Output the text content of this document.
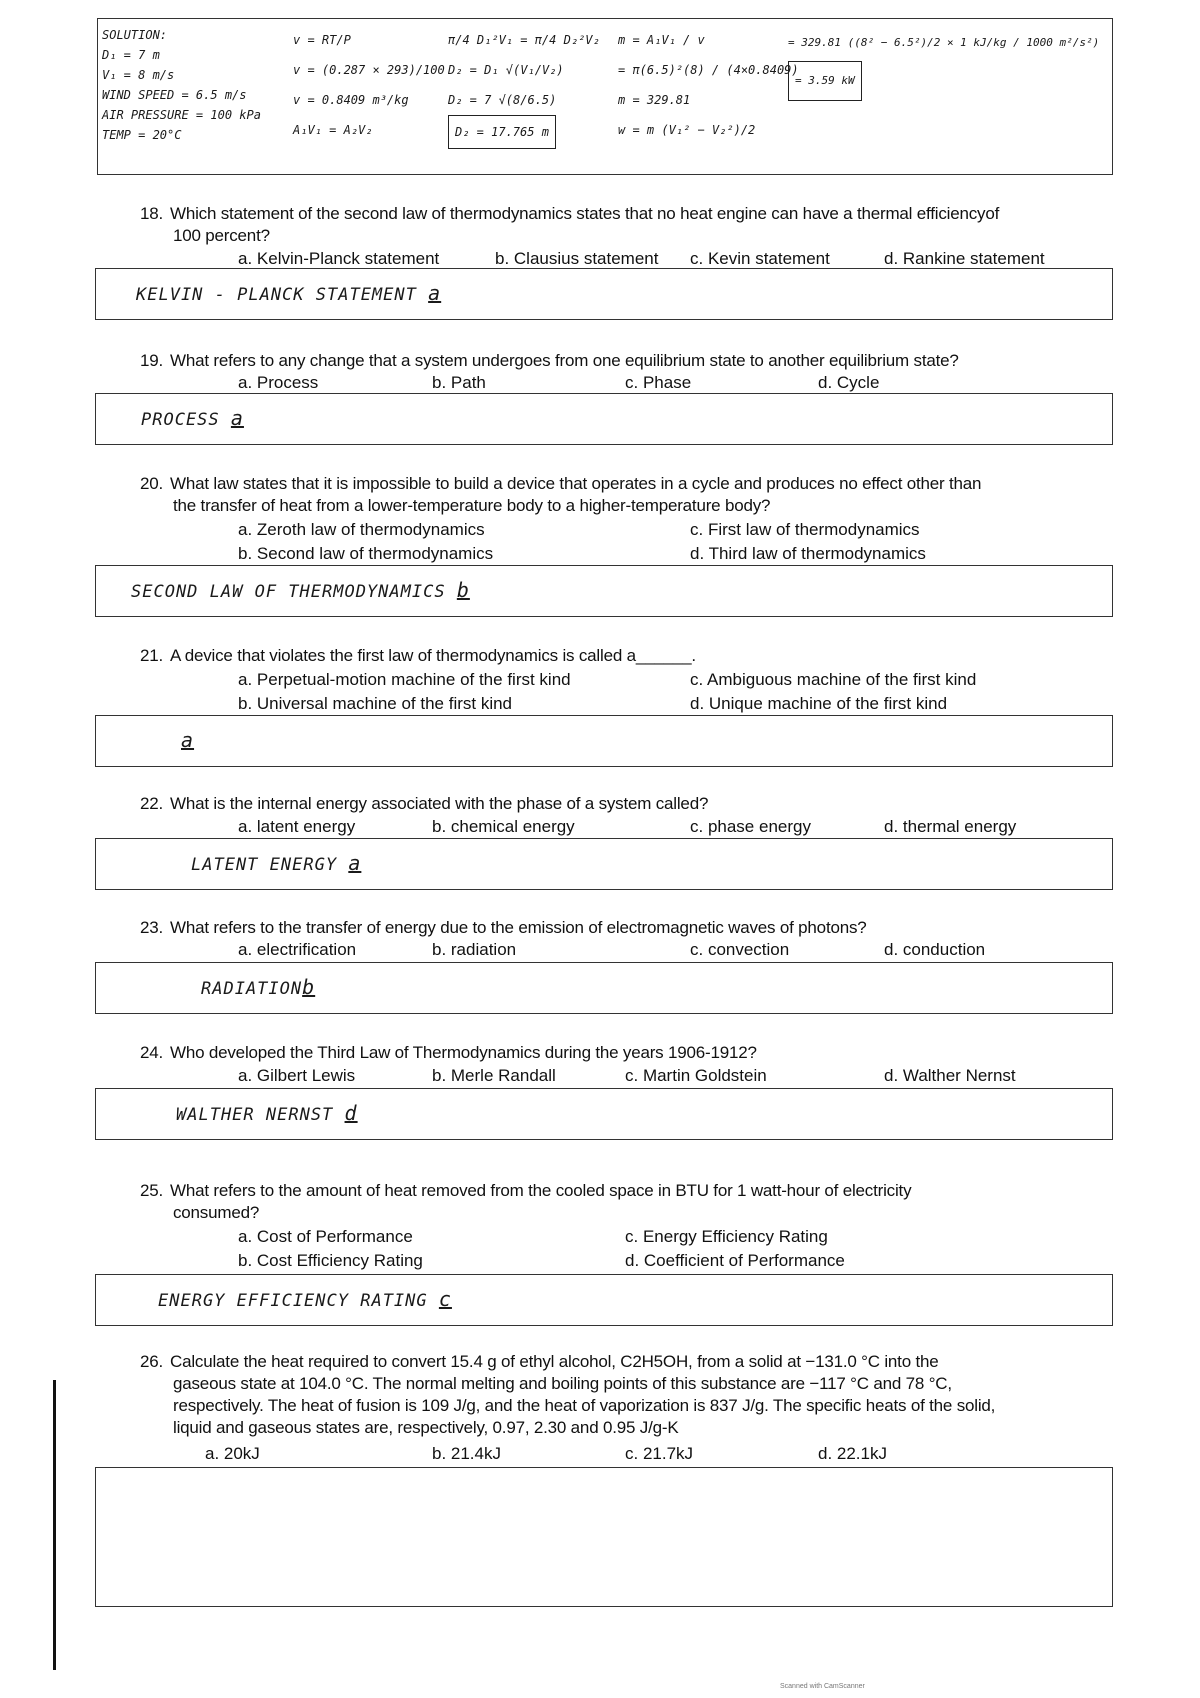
SOLUTION:
D₁ = 7 m
V₁ = 8 m/s
WIND SPEED = 6.5 m/s
AIR PRESSURE = 100 kPa
TEMP = 20°C
v = RT/P
v = (0.287 × 293)/100
v = 0.8409 m³/kg
A₁V₁ = A₂V₂
π/4 D₁²V₁ = π/4 D₂²V₂
D₂ = D₁ √(V₁/V₂)
D₂ = 7 √(8/6.5)
D₂ = 17.765 m
m = A₁V₁ / v
= π(6.5)²(8) / (4×0.8409)
m = 329.81
w = m (V₁² − V₂²)/2
= 329.81 ((8² − 6.5²)/2 × 1 kJ/kg / 1000 m²/s²)
= 3.59 kW
18. Which statement of the second law of thermodynamics states that no heat engine can have a thermal efficiencyof
100 percent?
a. Kelvin-Planck statement	b. Clausius statement c. Kevin statement	d. Rankine statement
KELVIN - PLANCK STATEMENT a
19. What refers to any change that a system undergoes from one equilibrium state to another equilibrium state?
a. Process	b. Path	c. Phase	d. Cycle
PROCESS a
20. What law states that it is impossible to build a device that operates in a cycle and produces no effect other than
the transfer of heat from a lower-temperature body to a higher-temperature body?
a. Zeroth law of thermodynamics	c. First law of thermodynamics
b. Second law of thermodynamics	d. Third law of thermodynamics
SECOND LAW OF THERMODYNAMICS b
21. A device that violates the first law of thermodynamics is called a______.
a. Perpetual-motion machine of the first kind	c. Ambiguous machine of the first kind
b. Universal machine of the first kind	d. Unique machine of the first kind
a
22. What is the internal energy associated with the phase of a system called?
a. latent energy	b. chemical energy	c. phase energy	d. thermal energy
LATENT ENERGY a
23. What refers to the transfer of energy due to the emission of electromagnetic waves of photons?
a. electrification	b. radiation	c. convection	d. conduction
RADIATIONb
24. Who developed the Third Law of Thermodynamics during the years 1906-1912?
a. Gilbert Lewis	b. Merle Randall	c. Martin Goldstein	d. Walther Nernst
WALTHER NERNST d
25. What refers to the amount of heat removed from the cooled space in BTU for 1 watt-hour of electricity
consumed?
a. Cost of Performance	c. Energy Efficiency Rating
b. Cost Efficiency Rating	d. Coefficient of Performance
ENERGY EFFICIENCY RATING c
26. Calculate the heat required to convert 15.4 g of ethyl alcohol, C2H5OH, from a solid at −131.0 °C into the
gaseous state at 104.0 °C. The normal melting and boiling points of this substance are −117 °C and 78 °C,
respectively. The heat of fusion is 109 J/g, and the heat of vaporization is 837 J/g. The specific heats of the solid,
liquid and gaseous states are, respectively, 0.97, 2.30 and 0.95 J/g-K
a. 20kJ	b. 21.4kJ	c. 21.7kJ	d. 22.1kJ
Scanned with CamScanner
